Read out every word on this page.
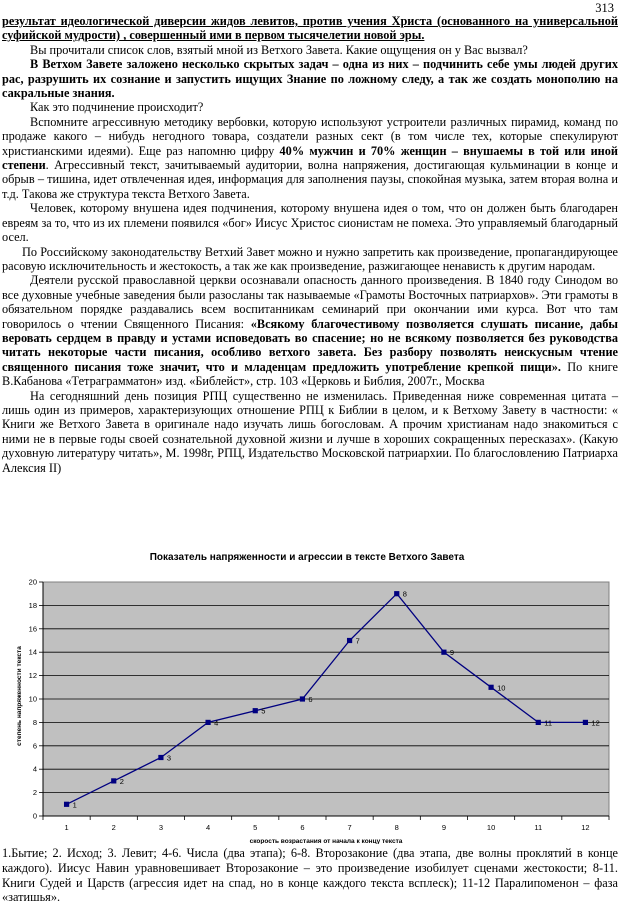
313

результат идеологической диверсии жидов левитов, против учения Христа (основанного на универсальной суфийской мудрости) , совершенный ими в первом тысячелетии новой эры.

Вы прочитали список слов, взятый мной из Ветхого Завета. Какие ощущения он у Вас вызвал?

В Ветхом Завете заложено несколько скрытых задач – одна из них – подчинить себе умы людей других рас, разрушить их сознание и запустить ищущих Знание по ложному следу, а так же создать монополию на сакральные знания.

Как это подчинение происходит?

Вспомните агрессивную методику вербовки, которую используют устроители различных пирамид, команд по продаже какого – нибудь негодного товара, создатели разных сект (в том числе тех, которые спекулируют христианскими идеями). Еще раз напомню цифру 40% мужчин и 70% женщин – внушаемы в той или иной степени. Агрессивный текст, зачитываемый аудитории, волна напряжения, достигающая кульминации в конце и обрыв – тишина, идет отвлеченная идея, информация для заполнения паузы, спокойная музыка, затем вторая волна и т.д. Такова же структура текста Ветхого Завета.

Человек, которому внушена идея подчинения, которому внушена идея о том, что он должен быть благодарен евреям за то, что из их племени появился «бог» Иисус Христос сионистам не помеха. Это управляемый благодарный осел.

По Российскому законодательству Ветхий Завет можно и нужно запретить как произведение, пропагандирующее расовую исключительность и жестокость, а так же как произведение, разжигающее ненависть к другим народам.

Деятели русской православной церкви осознавали опасность данного произведения. В 1840 году Синодом во все духовные учебные заведения были разосланы так называемые «Грамоты Восточных патриархов». Эти грамоты в обязательном порядке раздавались всем воспитанникам семинарий при окончании ими курса. Вот что там говорилось о чтении Священного Писания: «Всякому благочестивому позволяется слушать писание, дабы веровать сердцем в правду и устами исповедовать во спасение; но не всякому позволяется без руководства читать некоторые части писания, особливо ветхого завета. Без разбору позволять неискусным чтение священного писания тоже значит, что и младенцам предложить употребление крепкой пищи». По книге В.Кабанова «Тетраграмматон» изд. «Библейст», стр. 103 «Церковь и Библия, 2007г., Москва

На сегодняшний день позиция РПЦ существенно не изменилась. Приведенная ниже современная цитата – лишь один из примеров, характеризующих отношение РПЦ к Библии в целом, и к Ветхому Завету в частности: « Книги же Ветхого Завета в оригинале надо изучать лишь богословам. А прочим христианам надо знакомиться с ними не в первые годы своей сознательной духовной жизни и лучше в хороших сокращенных пересказах». (Какую духовную литературу читать», М. 1998г, РПЦ, Издательство Московской патриархии. По благословлению Патриарха Алексия II)

Показатель напряженности и агрессии в тексте Ветхого Завета
0
2
4
6
8
10
12
14
16
18
20
1	2	3	4	5	6	7	8	9	10	11	12
1
2
3
4
5
6
7
8
9
10
11	12
скорость возрастания от начала к концу текста
степень напряженности текста
1.Бытие; 2. Исход; 3. Левит; 4-6. Числа (два этапа); 6-8. Второзаконие (два этапа, две волны проклятий в конце каждого). Иисус Навин уравновешивает Второзаконие – это произведение изобилует сценами жестокости; 8-11. Книги Судей и Царств (агрессия идет на спад, но в конце каждого текста всплеск); 11-12 Паралипоменон – фаза «затишья».
